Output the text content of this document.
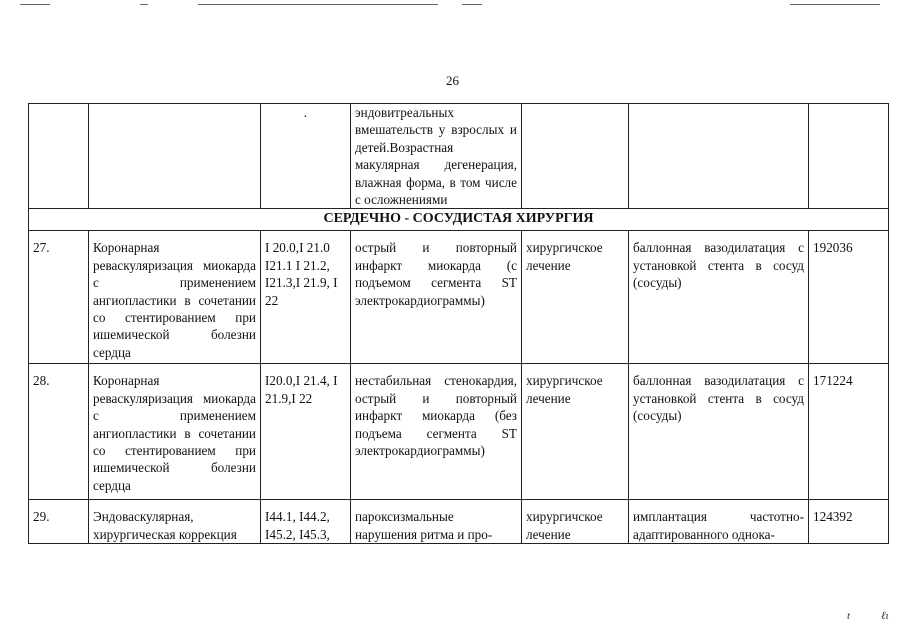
26
		·	эндовитреальных вмешательств у взрослых и детей.Возрастная макулярная дегенерация, влажная форма, в том числе с осложнениями			
СЕРДЕЧНО - СОСУДИСТАЯ ХИРУРГИЯ						
27.	Коронарная реваскуляризация миокарда с применением ангиопластики в сочетании со стентированием при ишемической болезни сердца	I 20.0,I 21.0 I21.1 I 21.2, I21.3,I 21.9, I 22	острый и повторный инфаркт миокарда (с подъемом сегмента ST электрокардиограммы)	хирургичское лечение	баллонная вазодилатация с установкой стента в сосуд (сосуды)	192036
28.	Коронарная реваскуляризация миокарда с применением ангиопластики в сочетании со стентированием при ишемической болезни сердца	I20.0,I 21.4, I 21.9,I 22	нестабильная стенокардия, острый и повторный инфаркт миокарда (без подъема сегмента ST электрокардиограммы)	хирургичское лечение	баллонная вазодилатация с установкой стента в сосуд (сосуды)	171224
29.	Эндоваскулярная, хирургическая коррекция	I44.1, I44.2, I45.2, I45.3,	пароксизмальные нарушения ритма и про-	хирургичское лечение	имплантация частотно-адаптированного однока-	124392
t	ℓι
